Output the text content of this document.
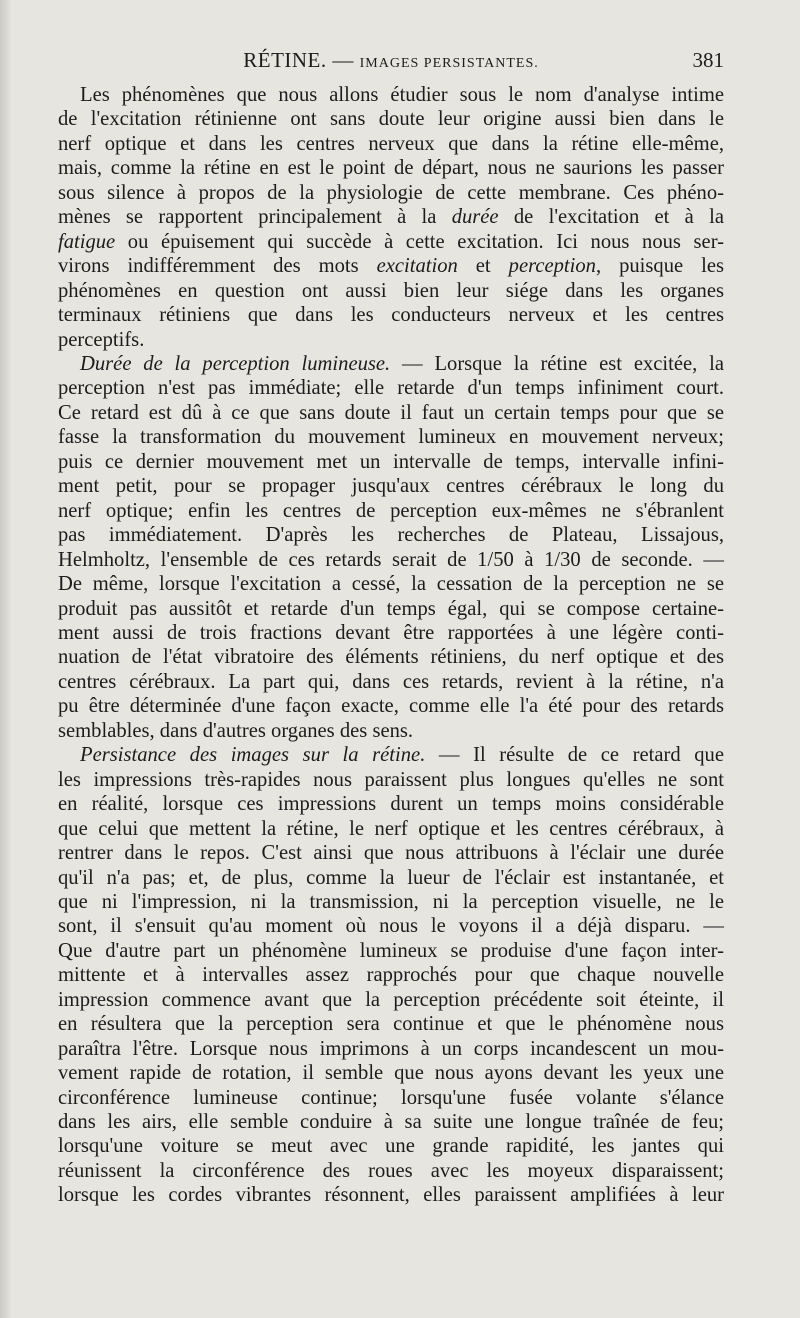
RÉTINE. — IMAGES PERSISTANTES.	381
Les phénomènes que nous allons étudier sous le nom d'analyse intime
de l'excitation rétinienne ont sans doute leur origine aussi bien dans le
nerf optique et dans les centres nerveux que dans la rétine elle-même,
mais, comme la rétine en est le point de départ, nous ne saurions les passer
sous silence à propos de la physiologie de cette membrane. Ces phéno-
mènes se rapportent principalement à la durée de l'excitation et à la
fatigue ou épuisement qui succède à cette excitation. Ici nous nous ser-
virons indifféremment des mots excitation et perception, puisque les
phénomènes en question ont aussi bien leur siége dans les organes
terminaux rétiniens que dans les conducteurs nerveux et les centres
perceptifs.
Durée de la perception lumineuse. — Lorsque la rétine est excitée, la
perception n'est pas immédiate; elle retarde d'un temps infiniment court.
Ce retard est dû à ce que sans doute il faut un certain temps pour que se
fasse la transformation du mouvement lumineux en mouvement nerveux;
puis ce dernier mouvement met un intervalle de temps, intervalle infini-
ment petit, pour se propager jusqu'aux centres cérébraux le long du
nerf optique; enfin les centres de perception eux-mêmes ne s'ébranlent
pas immédiatement. D'après les recherches de Plateau, Lissajous,
Helmholtz, l'ensemble de ces retards serait de 1/50 à 1/30 de seconde. —
De même, lorsque l'excitation a cessé, la cessation de la perception ne se
produit pas aussitôt et retarde d'un temps égal, qui se compose certaine-
ment aussi de trois fractions devant être rapportées à une légère conti-
nuation de l'état vibratoire des éléments rétiniens, du nerf optique et des
centres cérébraux. La part qui, dans ces retards, revient à la rétine, n'a
pu être déterminée d'une façon exacte, comme elle l'a été pour des retards
semblables, dans d'autres organes des sens.
Persistance des images sur la rétine. — Il résulte de ce retard que
les impressions très-rapides nous paraissent plus longues qu'elles ne sont
en réalité, lorsque ces impressions durent un temps moins considérable
que celui que mettent la rétine, le nerf optique et les centres cérébraux, à
rentrer dans le repos. C'est ainsi que nous attribuons à l'éclair une durée
qu'il n'a pas; et, de plus, comme la lueur de l'éclair est instantanée, et
que ni l'impression, ni la transmission, ni la perception visuelle, ne le
sont, il s'ensuit qu'au moment où nous le voyons il a déjà disparu. —
Que d'autre part un phénomène lumineux se produise d'une façon inter-
mittente et à intervalles assez rapprochés pour que chaque nouvelle
impression commence avant que la perception précédente soit éteinte, il
en résultera que la perception sera continue et que le phénomène nous
paraîtra l'être. Lorsque nous imprimons à un corps incandescent un mou-
vement rapide de rotation, il semble que nous ayons devant les yeux une
circonférence lumineuse continue; lorsqu'une fusée volante s'élance
dans les airs, elle semble conduire à sa suite une longue traînée de feu;
lorsqu'une voiture se meut avec une grande rapidité, les jantes qui
réunissent la circonférence des roues avec les moyeux disparaissent;
lorsque les cordes vibrantes résonnent, elles paraissent amplifiées à leur
